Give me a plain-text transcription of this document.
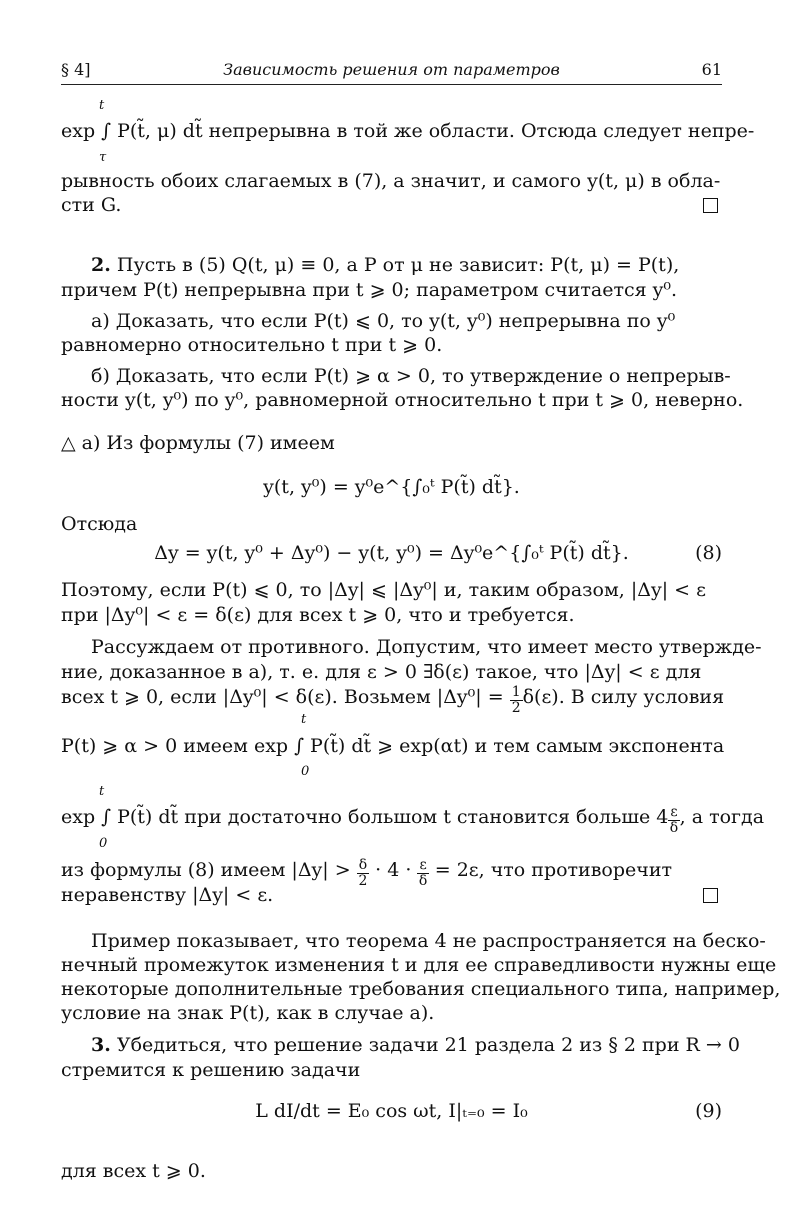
§ 4]	Зависимость решения от параметров	61
t
exp ∫ P(t̃, μ) dt̃ непрерывна в той же области. Отсюда следует непре-
τ
рывность обоих слагаемых в (7), а значит, и самого y(t, μ) в обла-
сти G.
2. Пусть в (5) Q(t, μ) ≡ 0, а P от μ не зависит: P(t, μ) = P(t),
причем P(t) непрерывна при t ⩾ 0; параметром считается y⁰.
а) Доказать, что если P(t) ⩽ 0, то y(t, y⁰) непрерывна по y⁰
равномерно относительно t при t ⩾ 0.
б) Доказать, что если P(t) ⩾ α > 0, то утверждение о непрерыв-
ности y(t, y⁰) по y⁰, равномерной относительно t при t ⩾ 0, неверно.
△ а) Из формулы (7) имеем
y(t, y⁰) = y⁰e^{∫₀ᵗ P(t̃) dt̃}.
Отсюда
Δy = y(t, y⁰ + Δy⁰) − y(t, y⁰) = Δy⁰e^{∫₀ᵗ P(t̃) dt̃}.	(8)
Поэтому, если P(t) ⩽ 0, то |Δy| ⩽ |Δy⁰| и, таким образом, |Δy| < ε
при |Δy⁰| < ε = δ(ε) для всех t ⩾ 0, что и требуется.
Рассуждаем от противного. Допустим, что имеет место утвержде-
ние, доказанное в а), т. е. для ε > 0 ∃δ(ε) такое, что |Δy| < ε для
всех t ⩾ 0, если |Δy⁰| < δ(ε). Возьмем $|\Delta y^0| = \frac{1}{2} \delta(\varepsilon)$. В силу условия
t
P(t) ⩾ α > 0 имеем exp ∫ P(t̃) dt̃ ⩾ exp(αt) и тем самым экспонента
0
t
exp ∫ P(t̃) dt̃ при достаточно большом t становится больше $4 \frac{\varepsilon}{\delta}$ , а тогда
0
из формулы (8) имеем $|\Delta y| > \frac{\delta}{2} \cdot 4 \cdot \frac{\varepsilon}{\delta} = 2\varepsilon$, что противоречит
неравенству |Δy| < ε.
Пример показывает, что теорема 4 не распространяется на беско-
нечный промежуток изменения t и для ее справедливости нужны еще
некоторые дополнительные требования специального типа, например,
условие на знак P(t), как в случае а).
3. Убедиться, что решение задачи 21 раздела 2 из § 2 при R → 0
стремится к решению задачи
L dI/dt = E₀ cos ωt, I|ₜ₌₀ = I₀	(9)
для всех t ⩾ 0.
